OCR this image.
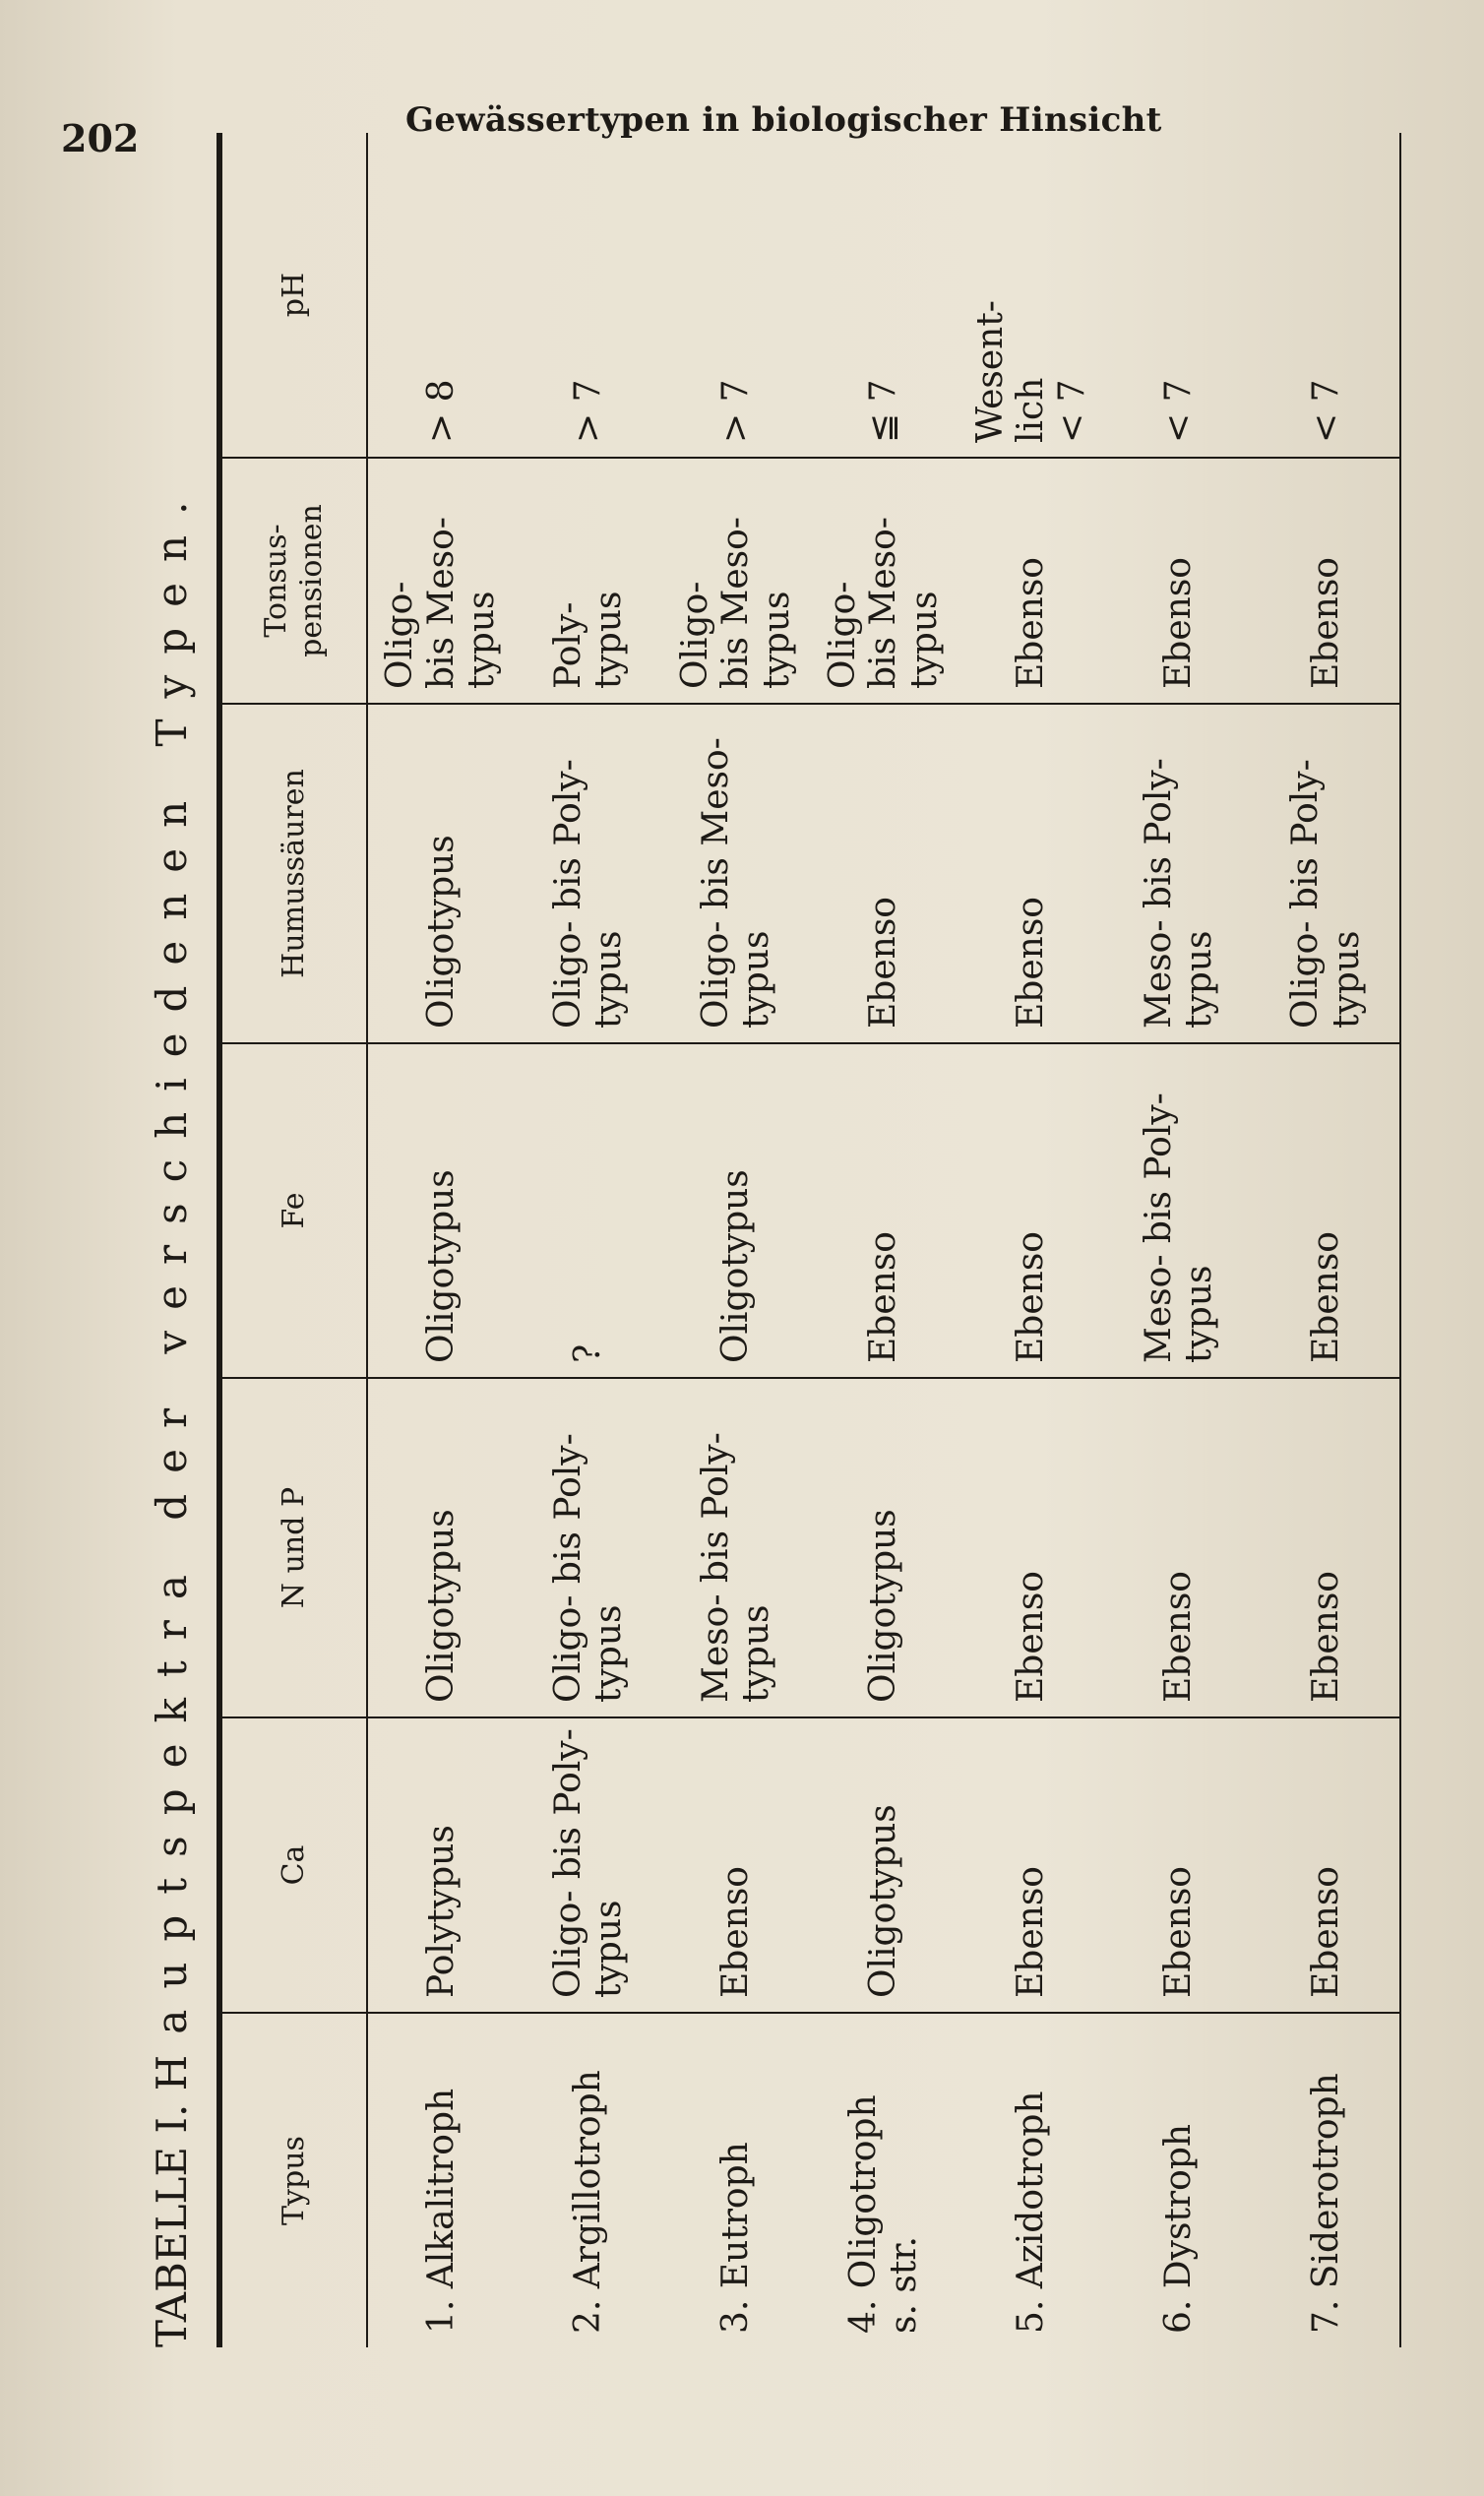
202	Gewässertypen in biologischer Hinsicht
TABELLE I. Hauptspektra der verschiedenen Typen.
Typus	Ca	N und P	Fe	Humussäuren	Tonsus-
pensionen	pH
1. Alkalitroph	Polytypus	Oligotypus	Oligotypus	Oligotypus	Oligo-
bis Meso-
typus	> 8
2. Argillotroph	Oligo- bis Poly-
typus	Oligo- bis Poly-
typus	?	Oligo- bis Poly-
typus	Poly-
typus	> 7
3. Eutroph	Ebenso	Meso- bis Poly-
typus	Oligotypus	Oligo- bis Meso-
typus	Oligo-
bis Meso-
typus	> 7
4. Oligotroph
s. str.	Oligotypus	Oligotypus	Ebenso	Ebenso	Oligo-
bis Meso-
typus	≦ 7
5. Azidotroph	Ebenso	Ebenso	Ebenso	Ebenso	Ebenso	Wesent-
lich
< 7
6. Dystroph	Ebenso	Ebenso	Meso- bis Poly-
typus	Meso- bis Poly-
typus	Ebenso	< 7
7. Siderotroph	Ebenso	Ebenso	Ebenso	Oligo- bis Poly-
typus	Ebenso	< 7
